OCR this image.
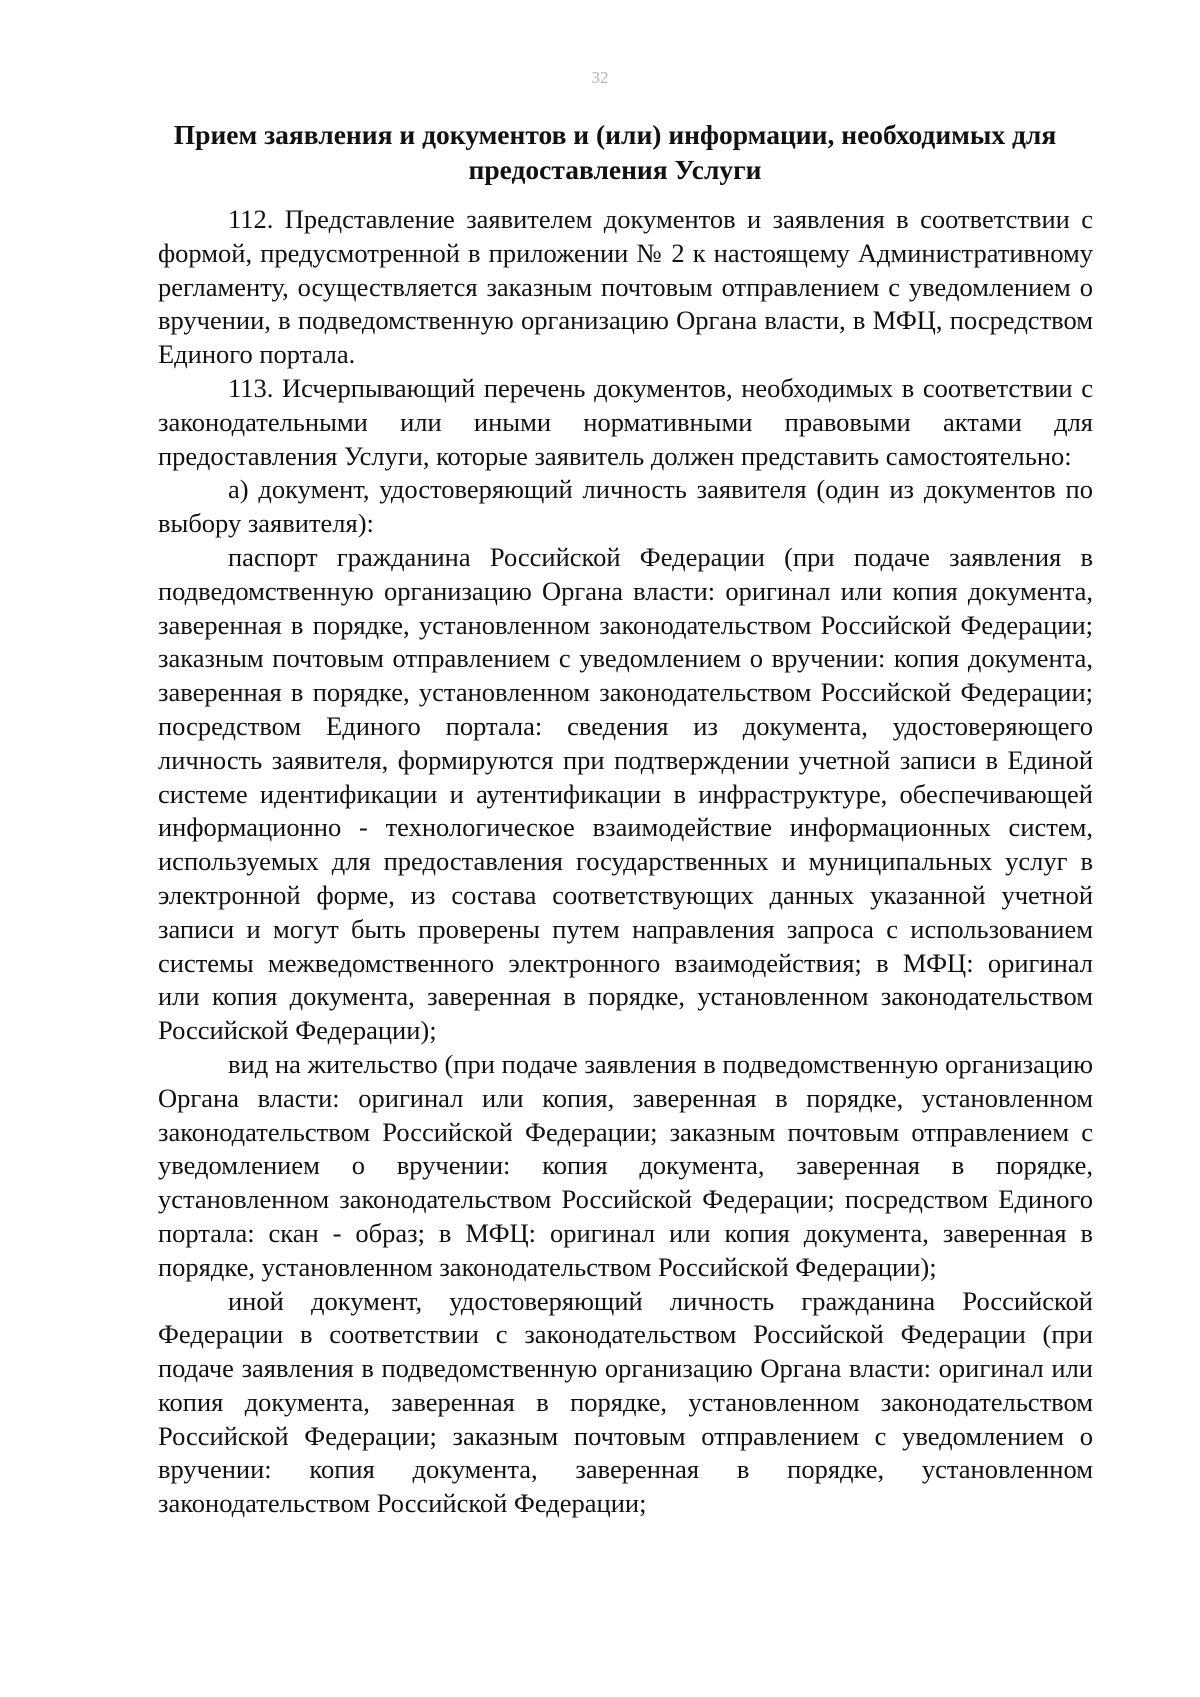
32
Прием заявления и документов и (или) информации, необходимых для предоставления Услуги

112. Представление заявителем документов и заявления в соответствии с формой, предусмотренной в приложении № 2 к настоящему Административному регламенту, осуществляется заказным почтовым отправлением с уведомлением о вручении, в подведомственную организацию Органа власти, в МФЦ, посредством Единого портала.

113. Исчерпывающий перечень документов, необходимых в соответствии с законодательными или иными нормативными правовыми актами для предоставления Услуги, которые заявитель должен представить самостоятельно:

а) документ, удостоверяющий личность заявителя (один из документов по выбору заявителя):

паспорт гражданина Российской Федерации (при подаче заявления в подведомственную организацию Органа власти: оригинал или копия документа, заверенная в порядке, установленном законодательством Российской Федерации; заказным почтовым отправлением с уведомлением о вручении: копия документа, заверенная в порядке, установленном законодательством Российской Федерации; посредством Единого портала: сведения из документа, удостоверяющего личность заявителя, формируются при подтверждении учетной записи в Единой системе идентификации и аутентификации в инфраструктуре, обеспечивающей информационно - технологическое взаимодействие информационных систем, используемых для предоставления государственных и муниципальных услуг в электронной форме, из состава соответствующих данных указанной учетной записи и могут быть проверены путем направления запроса с использованием системы межведомственного электронного взаимодействия; в МФЦ: оригинал или копия документа, заверенная в порядке, установленном законодательством Российской Федерации);

вид на жительство (при подаче заявления в подведомственную организацию Органа власти: оригинал или копия, заверенная в порядке, установленном законодательством Российской Федерации; заказным почтовым отправлением с уведомлением о вручении: копия документа, заверенная в порядке, установленном законодательством Российской Федерации; посредством Единого портала: скан - образ; в МФЦ: оригинал или копия документа, заверенная в порядке, установленном законодательством Российской Федерации);

иной документ, удостоверяющий личность гражданина Российской Федерации в соответствии с законодательством Российской Федерации (при подаче заявления в подведомственную организацию Органа власти: оригинал или копия документа, заверенная в порядке, установленном законодательством Российской Федерации; заказным почтовым отправлением с уведомлением о вручении: копия документа, заверенная в порядке, установленном законодательством Российской Федерации;
